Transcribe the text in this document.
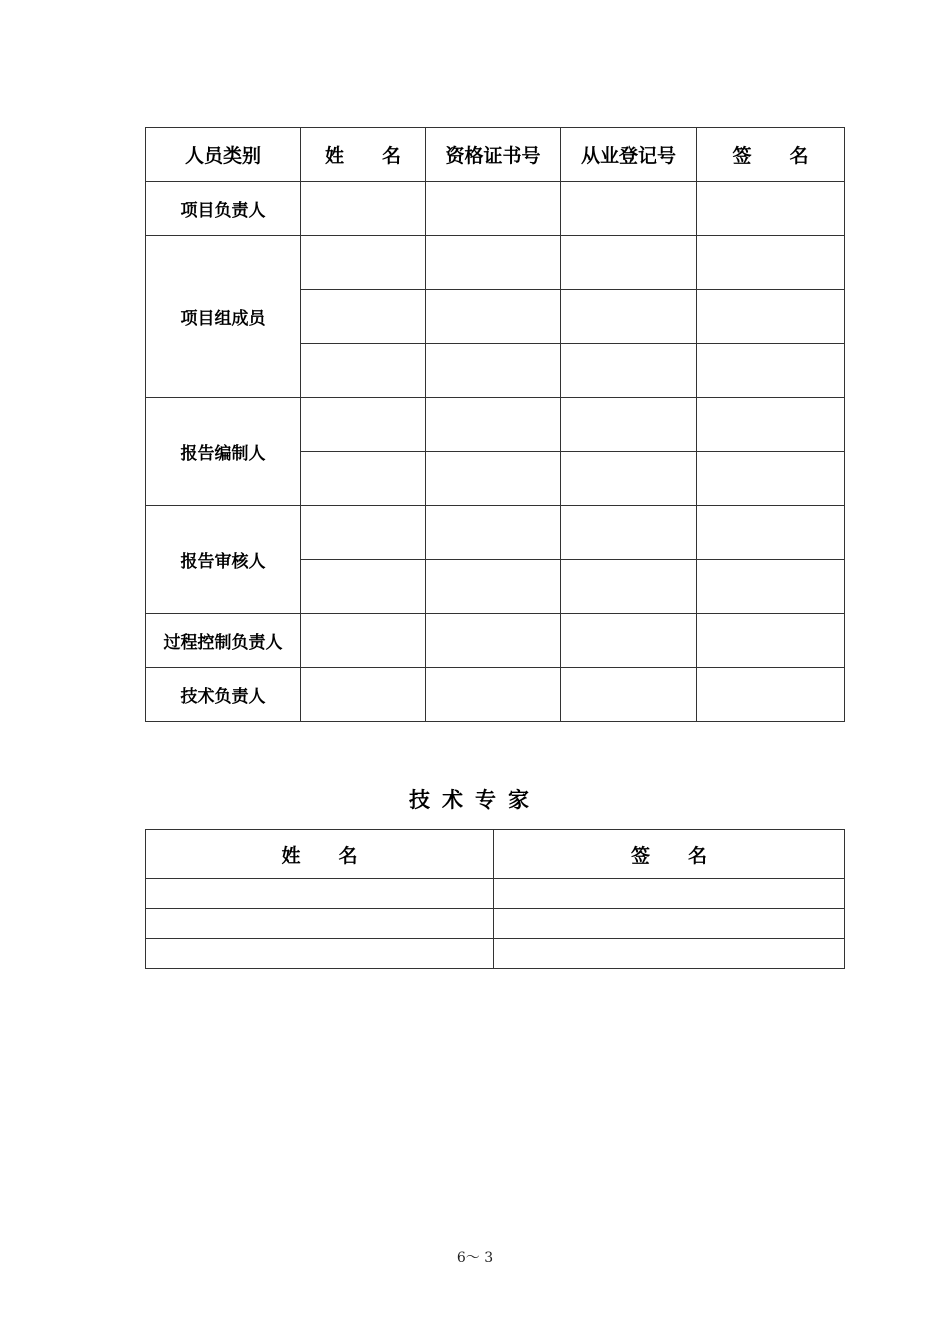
人员类别	姓　　名	资格证书号	从业登记号	签　　名
项目负责人				
项目组成员				

报告编制人				

报告审核人				

过程控制负责人				
技术负责人				
技术专家
姓　　名	签　　名

6～ 3
